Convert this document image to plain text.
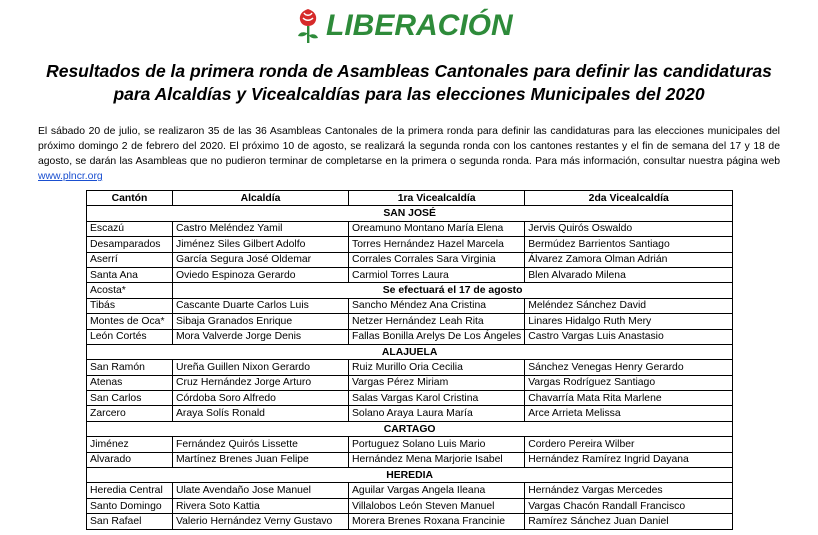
LIBERACIÓN
Resultados de la primera ronda de Asambleas Cantonales para definir las candidaturas
para Alcaldías y Vicealcaldías para las elecciones Municipales del 2020
El sábado 20 de julio, se realizaron 35 de las 36 Asambleas Cantonales de la primera ronda para definir las candidaturas para las elecciones municipales del próximo domingo 2 de febrero del 2020. El próximo 10 de agosto, se realizará la segunda ronda con los cantones restantes y el fin de semana del 17 y 18 de agosto, se darán las Asambleas que no pudieron terminar de completarse en la primera o segunda ronda. Para más información, consultar nuestra página web www.plncr.org
Cantón	Alcaldía	1ra Vicealcaldía	2da Vicealcaldía
SAN JOSÉ			
Escazú	Castro Meléndez Yamil	Oreamuno Montano María Elena	Jervis Quirós Oswaldo
Desamparados	Jiménez Siles Gilbert Adolfo	Torres Hernández Hazel Marcela	Bermúdez Barrientos Santiago
Aserrí	García Segura José Oldemar	Corrales Corrales Sara Virginia	Álvarez Zamora Olman Adrián
Santa Ana	Oviedo Espinoza Gerardo	Carmiol Torres Laura	Blen Alvarado Milena
Acosta*	Se efectuará el 17 de agosto		
Tibás	Cascante Duarte Carlos Luis	Sancho Méndez Ana Cristina	Meléndez Sánchez David
Montes de Oca*	Sibaja Granados Enrique	Netzer Hernández Leah Rita	Linares Hidalgo Ruth Mery
León Cortés	Mora Valverde Jorge Denis	Fallas Bonilla Arelys De Los Ángeles	Castro Vargas Luis Anastasio
ALAJUELA			
San Ramón	Ureña Guillen Nixon Gerardo	Ruiz Murillo Oria Cecilia	Sánchez Venegas Henry Gerardo
Atenas	Cruz Hernández Jorge Arturo	Vargas Pérez Miriam	Vargas Rodríguez Santiago
San Carlos	Córdoba Soro Alfredo	Salas Vargas Karol Cristina	Chavarría Mata Rita Marlene
Zarcero	Araya Solís Ronald	Solano Araya Laura María	Arce Arrieta Melissa
CARTAGO			
Jiménez	Fernández Quirós Lissette	Portuguez Solano Luis Mario	Cordero Pereira Wilber
Alvarado	Martínez Brenes Juan Felipe	Hernández Mena Marjorie Isabel	Hernández Ramírez Ingrid Dayana
HEREDIA			
Heredia Central	Ulate Avendaño Jose Manuel	Aguilar Vargas Angela Ileana	Hernández Vargas Mercedes
Santo Domingo	Rivera Soto Kattia	Villalobos León Steven Manuel	Vargas Chacón Randall Francisco
San Rafael	Valerio Hernández Verny Gustavo	Morera Brenes Roxana Francinie	Ramírez Sánchez Juan Daniel
